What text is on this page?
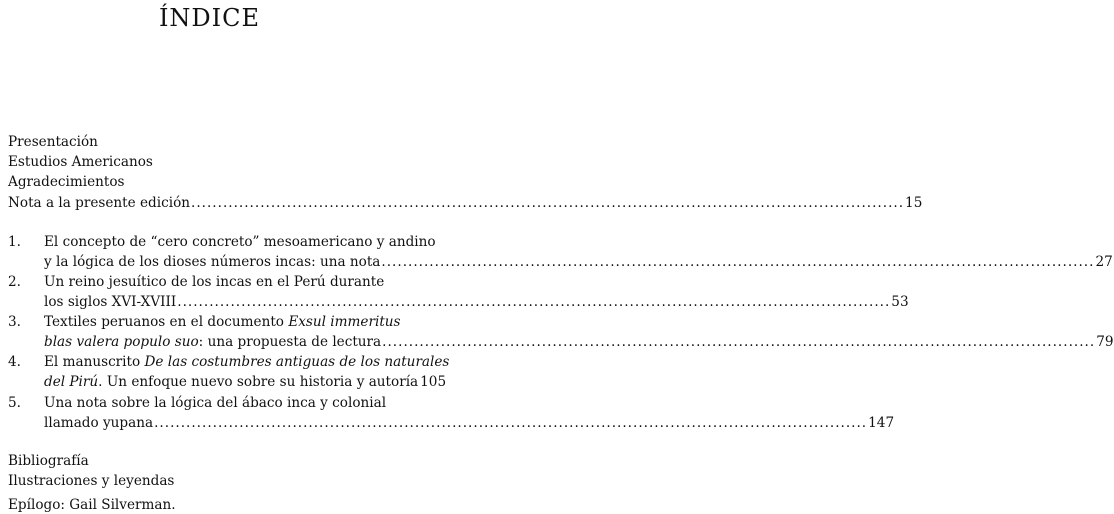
ÍNDICE
Presentación
Estudios Americanos
Agradecimientos
Nota a la presente edición ...................................................................................................................................... 15
1. El concepto de “cero concreto” mesoamericano y andino
y la lógica de los dioses números incas: una nota ...................................................................................................................................... 27
2. Un reino jesuítico de los incas en el Perú durante
los siglos XVI-XVIII ...................................................................................................................................... 53
3. Textiles peruanos en el documento Exsul immeritus
blas valera populo suo: una propuesta de lectura ...................................................................................................................................... 79
4. El manuscrito De las costumbres antiguas de los naturales
del Pirú. Un enfoque nuevo sobre su historia y autoría 105
5. Una nota sobre la lógica del ábaco inca y colonial
llamado yupana ...................................................................................................................................... 147
Bibliografía
Ilustraciones y leyendas
Epílogo: Gail Silverman.
